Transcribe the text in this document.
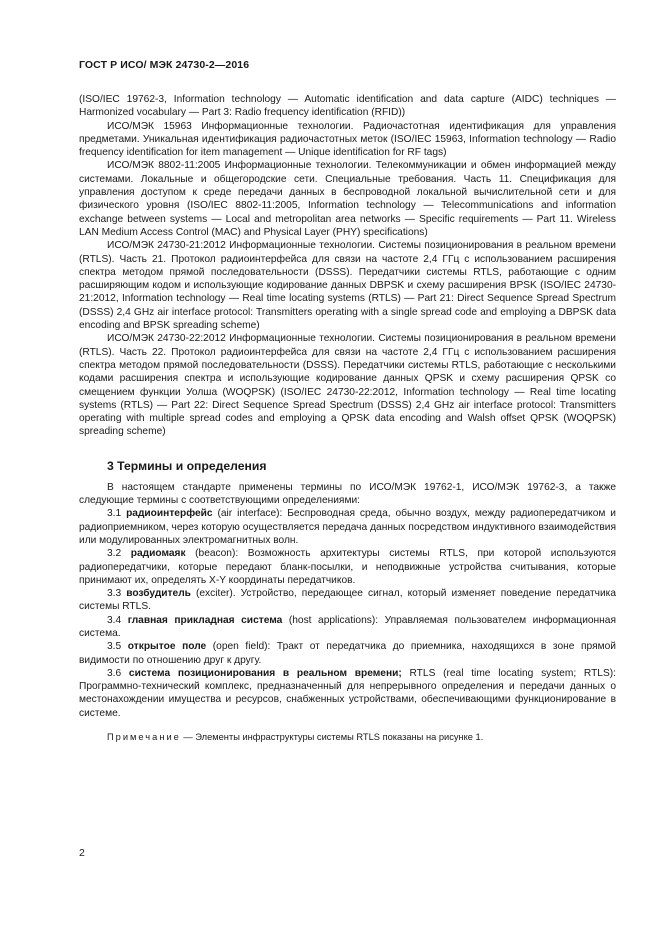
ГОСТ Р ИСО/ МЭК 24730-2—2016

(ISO/IEC 19762-3, Information technology — Automatic identification and data capture (AIDC) techniques — Harmonized vocabulary — Part 3: Radio frequency identification (RFID))

ИСО/МЭК 15963 Информационные технологии. Радиочастотная идентификация для управления предметами. Уникальная идентификация радиочастотных меток (ISO/IEC 15963, Information technology — Radio frequency identification for item management — Unique identification for RF tags)

ИСО/МЭК 8802-11:2005 Информационные технологии. Телекоммуникации и обмен информацией между системами. Локальные и общегородские сети. Специальные требования. Часть 11. Спецификация для управления доступом к среде передачи данных в беспроводной локальной вычислительной сети и для физического уровня (ISO/IEC 8802-11:2005, Information technology — Telecommunications and information exchange between systems — Local and metropolitan area networks — Specific requirements — Part 11. Wireless LAN Medium Access Control (MAC) and Physical Layer (PHY) specifications)

ИСО/МЭК 24730-21:2012 Информационные технологии. Системы позиционирования в реальном времени (RTLS). Часть 21. Протокол радиоинтерфейса для связи на частоте 2,4 ГГц с использованием расширения спектра методом прямой последовательности (DSSS). Передатчики системы RTLS, работающие с одним расширяющим кодом и использующие кодирование данных DBPSK и схему расширения BPSK (ISO/IEC 24730-21:2012, Information technology — Real time locating systems (RTLS) — Part 21: Direct Sequence Spread Spectrum (DSSS) 2,4 GHz air interface protocol: Transmitters operating with a single spread code and employing a DBPSK data encoding and BPSK spreading scheme)

ИСО/МЭК 24730-22:2012 Информационные технологии. Системы позиционирования в реальном времени (RTLS). Часть 22. Протокол радиоинтерфейса для связи на частоте 2,4 ГГц с использованием расширения спектра методом прямой последовательности (DSSS). Передатчики системы RTLS, работающие с несколькими кодами расширения спектра и использующие кодирование данных QPSK и схему расширения QPSK со смещением функции Уолша (WOQPSK) (ISO/IEC 24730-22:2012, Information technology — Real time locating systems (RTLS) — Part 22: Direct Sequence Spread Spectrum (DSSS) 2,4 GHz air interface protocol: Transmitters operating with multiple spread codes and employing a QPSK data encoding and Walsh offset QPSK (WOQPSK) spreading scheme)

3 Термины и определения

В настоящем стандарте применены термины по ИСО/МЭК 19762-1, ИСО/МЭК 19762-3, а также следующие термины с соответствующими определениями:

3.1 радиоинтерфейс (air interface): Беспроводная среда, обычно воздух, между радиопередатчиком и радиоприемником, через которую осуществляется передача данных посредством индуктивного взаимодействия или модулированных электромагнитных волн.

3.2 радиомаяк (beacon): Возможность архитектуры системы RTLS, при которой используются радиопередатчики, которые передают бланк-посылки, и неподвижные устройства считывания, которые принимают их, определять X-Y координаты передатчиков.

3.3 возбудитель (exciter). Устройство, передающее сигнал, который изменяет поведение передатчика системы RTLS.

3.4 главная прикладная система (host applications): Управляемая пользователем информационная система.

3.5 открытое поле (open field): Тракт от передатчика до приемника, находящихся в зоне прямой видимости по отношению друг к другу.

3.6 система позиционирования в реальном времени; RTLS (real time locating system; RTLS): Программно-технический комплекс, предназначенный для непрерывного определения и передачи данных о местонахождении имущества и ресурсов, снабженных устройствами, обеспечивающими функционирование в системе.

Примечание — Элементы инфраструктуры системы RTLS показаны на рисунке 1.

2
